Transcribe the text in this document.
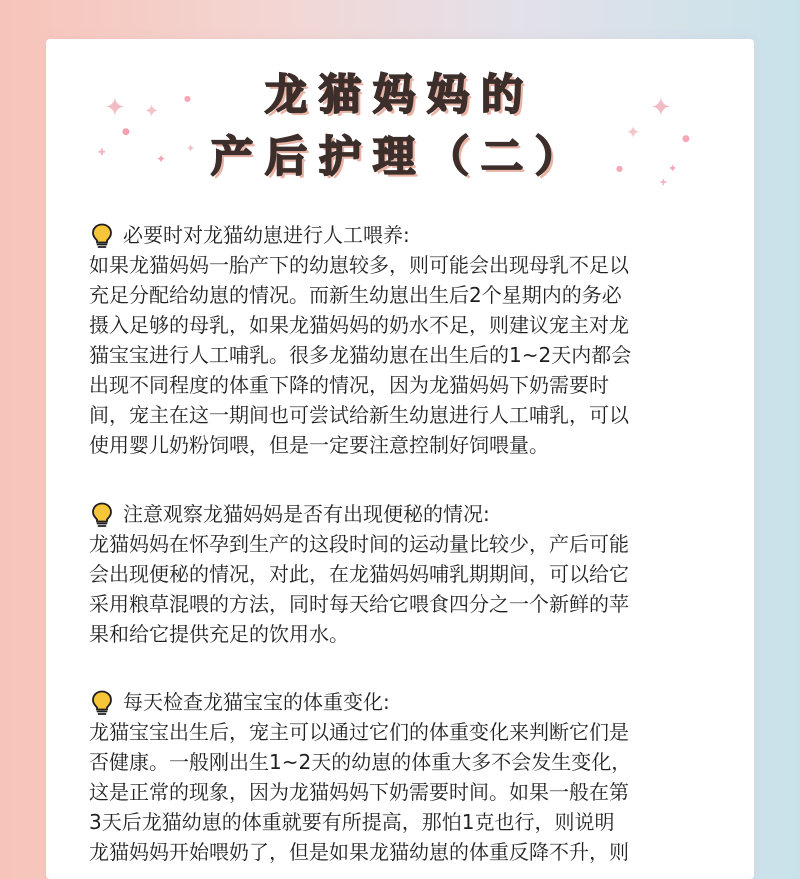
✦ ✦
●
✚	✦
✦
●	✦
✦	●
✦
✚
●
龙猫妈妈的
产后护理（二）
必要时对龙猫幼崽进行人工喂养:
如果龙猫妈妈一胎产下的幼崽较多，则可能会出现母乳不足以
充足分配给幼崽的情况。而新生幼崽出生后2个星期内的务必
摄入足够的母乳，如果龙猫妈妈的奶水不足，则建议宠主对龙
猫宝宝进行人工哺乳。很多龙猫幼崽在出生后的1~2天内都会
出现不同程度的体重下降的情况，因为龙猫妈妈下奶需要时
间，宠主在这一期间也可尝试给新生幼崽进行人工哺乳，可以
使用婴儿奶粉饲喂，但是一定要注意控制好饲喂量。
注意观察龙猫妈妈是否有出现便秘的情况:
龙猫妈妈在怀孕到生产的这段时间的运动量比较少，产后可能
会出现便秘的情况，对此，在龙猫妈妈哺乳期期间，可以给它
采用粮草混喂的方法，同时每天给它喂食四分之一个新鲜的苹
果和给它提供充足的饮用水。
每天检查龙猫宝宝的体重变化:
龙猫宝宝出生后，宠主可以通过它们的体重变化来判断它们是
否健康。一般刚出生1~2天的幼崽的体重大多不会发生变化，
这是正常的现象，因为龙猫妈妈下奶需要时间。如果一般在第
3天后龙猫幼崽的体重就要有所提高，那怕1克也行，则说明
龙猫妈妈开始喂奶了，但是如果龙猫幼崽的体重反降不升，则
